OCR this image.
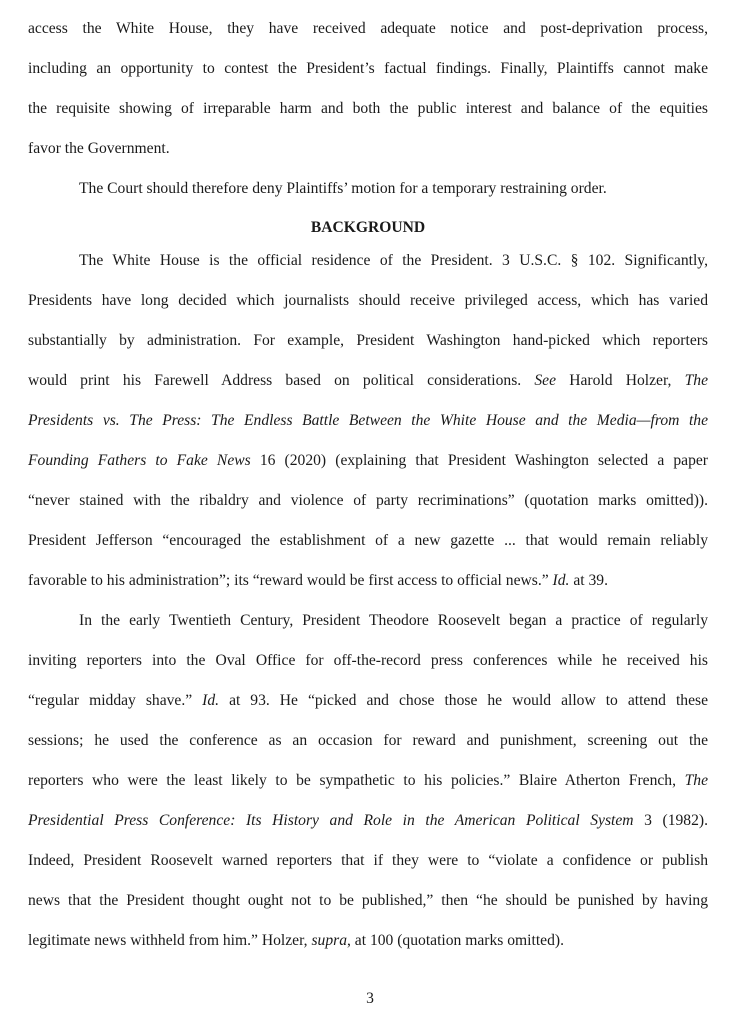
access the White House, they have received adequate notice and post-deprivation process,
including an opportunity to contest the President’s factual findings. Finally, Plaintiffs cannot make
the requisite showing of irreparable harm and both the public interest and balance of the equities
favor the Government.
The Court should therefore deny Plaintiffs’ motion for a temporary restraining order.
BACKGROUND
The White House is the official residence of the President. 3 U.S.C. § 102. Significantly,
Presidents have long decided which journalists should receive privileged access, which has varied
substantially by administration. For example, President Washington hand-picked which reporters
would print his Farewell Address based on political considerations. See Harold Holzer, The
Presidents vs. The Press: The Endless Battle Between the White House and the Media—from the
Founding Fathers to Fake News 16 (2020) (explaining that President Washington selected a paper
“never stained with the ribaldry and violence of party recriminations” (quotation marks omitted)).
President Jefferson “encouraged the establishment of a new gazette ... that would remain reliably
favorable to his administration”; its “reward would be first access to official news.” Id. at 39.
In the early Twentieth Century, President Theodore Roosevelt began a practice of regularly
inviting reporters into the Oval Office for off-the-record press conferences while he received his
“regular midday shave.” Id. at 93. He “picked and chose those he would allow to attend these
sessions; he used the conference as an occasion for reward and punishment, screening out the
reporters who were the least likely to be sympathetic to his policies.” Blaire Atherton French, The
Presidential Press Conference: Its History and Role in the American Political System 3 (1982).
Indeed, President Roosevelt warned reporters that if they were to “violate a confidence or publish
news that the President thought ought not to be published,” then “he should be punished by having
legitimate news withheld from him.” Holzer, supra, at 100 (quotation marks omitted).
3
